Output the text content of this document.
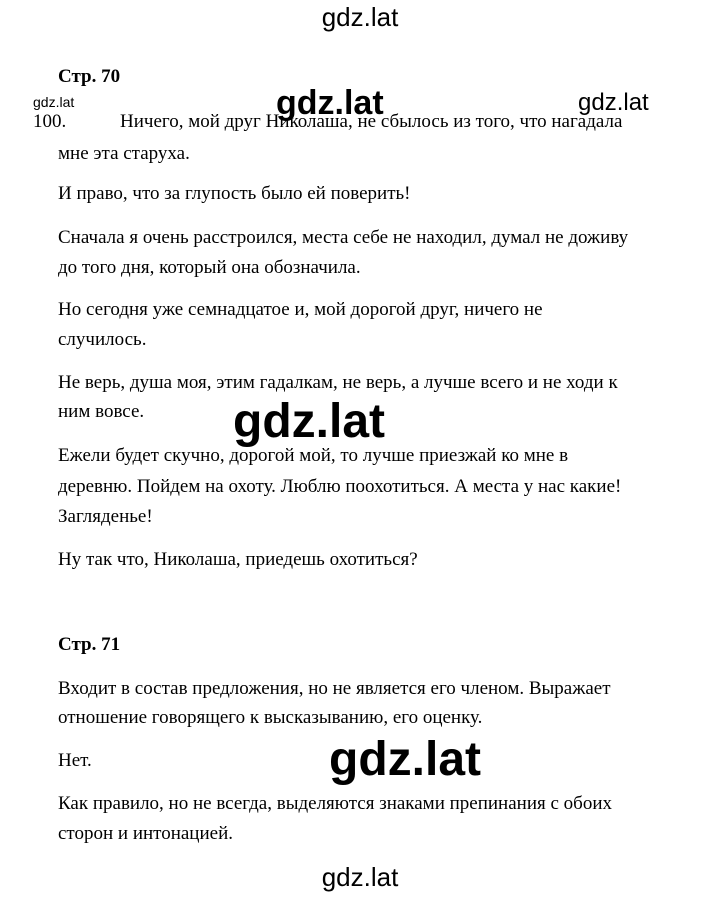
gdz.lat
Стр. 70
gdz.lat
100.	Ничего, мой друг Николаша, не сбылось из того, что нагадала
мне эта старуха.
И право, что за глупость было ей поверить!
Сначала я очень расстроился, места себе не находил, думал не доживу
до того дня, который она обозначила.
Но сегодня уже семнадцатое и, мой дорогой друг, ничего не
случилось.
Не верь, душа моя, этим гадалкам, не верь, а лучше всего и не ходи к
ним вовсе.
Ежели будет скучно, дорогой мой, то лучше приезжай ко мне в
деревню. Пойдем на охоту. Люблю поохотиться. А места у нас какие!
Загляденье!
Ну так что, Николаша, приедешь охотиться?
Стр. 71
Входит в состав предложения, но не является его членом. Выражает
отношение говорящего к высказыванию, его оценку.
Нет.
Как правило, но не всегда, выделяются знаками препинания с обоих
сторон и интонацией.
gdz.lat	gdz.lat
gdz.lat
gdz.lat
gdz.lat
